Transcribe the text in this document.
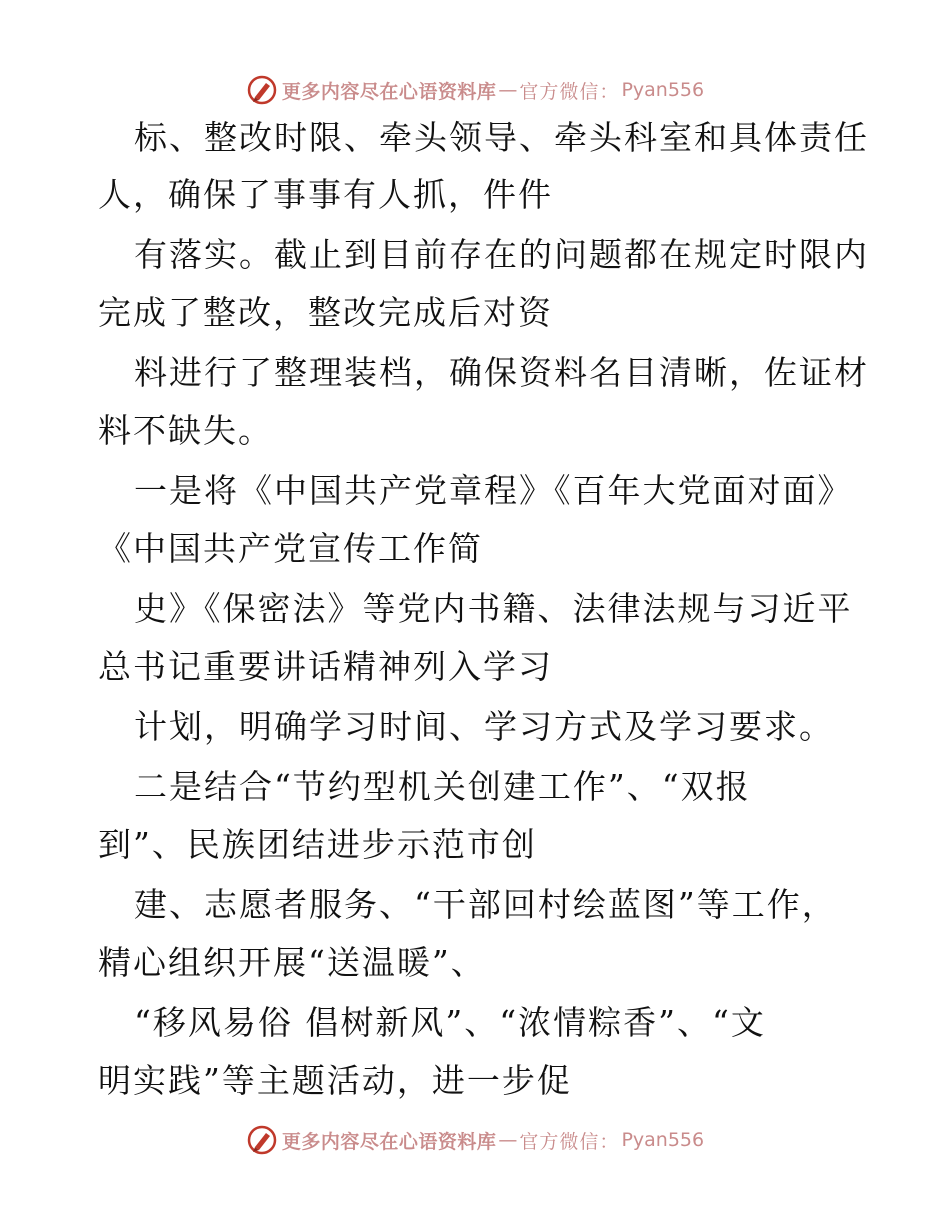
更多内容尽在心语资料库 — 官方微信： Pyan556
标、整改时限、牵头领导、牵头科室和具体责任
人，确保了事事有人抓，件件
有落实。截止到目前存在的问题都在规定时限内
完成了整改，整改完成后对资
料进行了整理装档，确保资料名目清晰，佐证材
料不缺失。
一是将《中国共产党章程》《百年大党面对面》
《中国共产党宣传工作简
史》《保密法》等党内书籍、法律法规与习近平
总书记重要讲话精神列入学习
计划，明确学习时间、学习方式及学习要求。
二是结合“节约型机关创建工作”、“双报
到”、民族团结进步示范市创
建、志愿者服务、“干部回村绘蓝图”等工作，
精心组织开展“送温暖”、
“移风易俗 倡树新风”、“浓情粽香”、“文
明实践”等主题活动，进一步促
更多内容尽在心语资料库 — 官方微信： Pyan556
